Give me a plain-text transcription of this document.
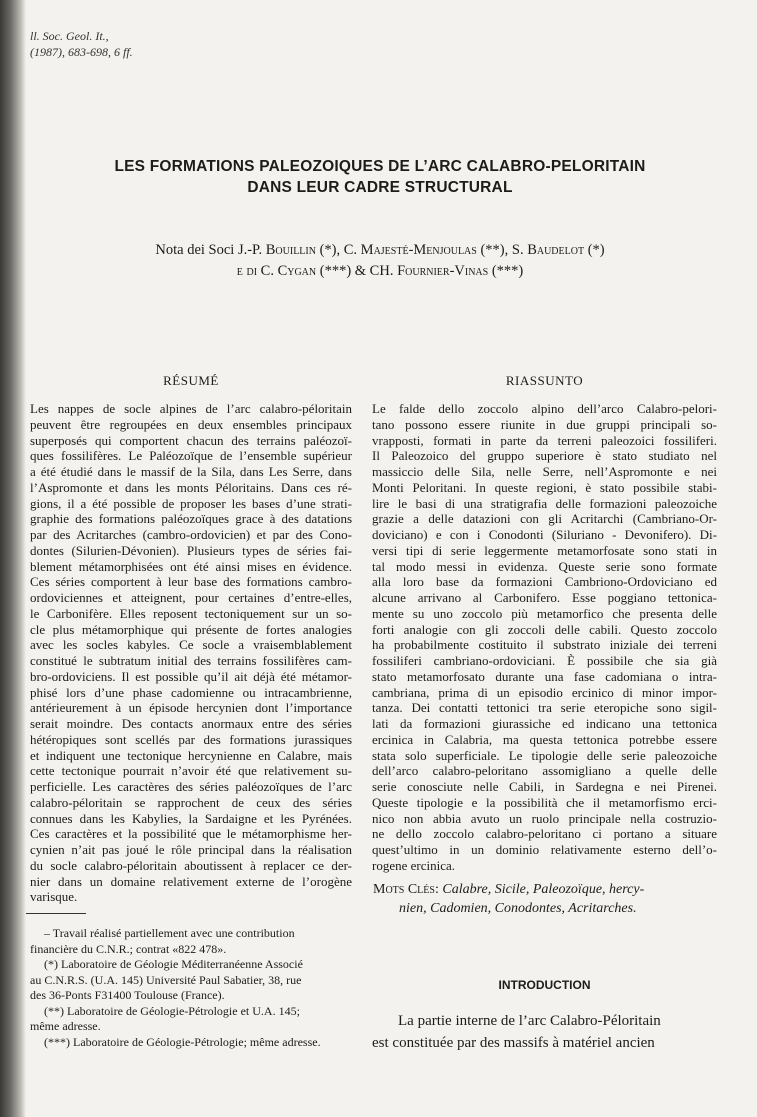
ll. Soc. Geol. It.,
(1987), 683-698, 6 ff.
LES FORMATIONS PALEOZOIQUES DE L’ARC CALABRO-PELORITAIN
DANS LEUR CADRE STRUCTURAL
Nota dei Soci J.-P. Bouillin (*), C. Majesté-Menjoulas (**), S. Baudelot (*)
e di C. Cygan (***) & CH. Fournier-Vinas (***)
RÉSUMÉ
Les nappes de socle alpines de l’arc calabro-péloritain
peuvent être regroupées en deux ensembles principaux
superposés qui comportent chacun des terrains paléozoï-
ques fossilifères. Le Paléozoïque de l’ensemble supérieur
a été étudié dans le massif de la Sila, dans Les Serre, dans
l’Aspromonte et dans les monts Péloritains. Dans ces ré-
gions, il a été possible de proposer les bases d’une strati-
graphie des formations paléozoïques grace à des datations
par des Acritarches (cambro-ordovicien) et par des Cono-
dontes (Silurien-Dévonien). Plusieurs types de séries fai-
blement métamorphisées ont été ainsi mises en évidence.
Ces séries comportent à leur base des formations cambro-
ordoviciennes et atteignent, pour certaines d’entre-elles,
le Carbonifère. Elles reposent tectoniquement sur un so-
cle plus métamorphique qui présente de fortes analogies
avec les socles kabyles. Ce socle a vraisemblablement
constitué le subtratum initial des terrains fossilifères cam-
bro-ordoviciens. Il est possible qu’il ait déjà été métamor-
phisé lors d’une phase cadomienne ou intracambrienne,
antérieurement à un épisode hercynien dont l’importance
serait moindre. Des contacts anormaux entre des séries
hétéropiques sont scellés par des formations jurassiques
et indiquent une tectonique hercynienne en Calabre, mais
cette tectonique pourrait n’avoir été que relativement su-
perficielle. Les caractères des séries paléozoïques de l’arc
calabro-péloritain se rapprochent de ceux des séries
connues dans les Kabylies, la Sardaigne et les Pyrénées.
Ces caractères et la possibilité que le métamorphisme her-
cynien n’ait pas joué le rôle principal dans la réalisation
du socle calabro-péloritain aboutissent à replacer ce der-
nier dans un domaine relativement externe de l’orogène
varisque.
RIASSUNTO
Le falde dello zoccolo alpino dell’arco Calabro-pelori-
tano possono essere riunite in due gruppi principali so-
vrapposti, formati in parte da terreni paleozoici fossiliferi.
Il Paleozoico del gruppo superiore è stato studiato nel
massiccio delle Sila, nelle Serre, nell’Aspromonte e nei
Monti Peloritani. In queste regioni, è stato possibile stabi-
lire le basi di una stratigrafia delle formazioni paleozoiche
grazie a delle datazioni con gli Acritarchi (Cambriano-Or-
doviciano) e con i Conodonti (Siluriano - Devonifero). Di-
versi tipi di serie leggermente metamorfosate sono stati in
tal modo messi in evidenza. Queste serie sono formate
alla loro base da formazioni Cambriono-Ordoviciano ed
alcune arrivano al Carbonifero. Esse poggiano tettonica-
mente su uno zoccolo più metamorfico che presenta delle
forti analogie con gli zoccoli delle cabili. Questo zoccolo
ha probabilmente costituito il substrato iniziale dei terreni
fossiliferi cambriano-ordoviciani. È possibile che sia già
stato metamorfosato durante una fase cadomiana o intra-
cambriana, prima di un episodio ercinico di minor impor-
tanza. Dei contatti tettonici tra serie eteropiche sono sigil-
lati da formazioni giurassiche ed indicano una tettonica
ercinica in Calabria, ma questa tettonica potrebbe essere
stata solo superficiale. Le tipologie delle serie paleozoiche
dell’arco calabro-peloritano assomigliano a quelle delle
serie conosciute nelle Cabili, in Sardegna e nei Pirenei.
Queste tipologie e la possibilità che il metamorfismo erci-
nico non abbia avuto un ruolo principale nella costruzio-
ne dello zoccolo calabro-peloritano ci portano a situare
quest’ultimo in un dominio relativamente esterno dell’o-
rogene ercinica.
Mots Clés: Calabre, Sicile, Paleozoïque, hercy-
nien, Cadomien, Conodontes, Acritarches.
– Travail réalisé partiellement avec une contribution
financière du C.N.R.; contrat «822 478».
(*) Laboratoire de Géologie Méditerranéenne Associé
au C.N.R.S. (U.A. 145) Université Paul Sabatier, 38, rue
des 36-Ponts F31400 Toulouse (France).
(**) Laboratoire de Géologie-Pétrologie et U.A. 145;
même adresse.
(***) Laboratoire de Géologie-Pétrologie; même adresse.
INTRODUCTION
La partie interne de l’arc Calabro-Péloritain
est constituée par des massifs à matériel ancien
